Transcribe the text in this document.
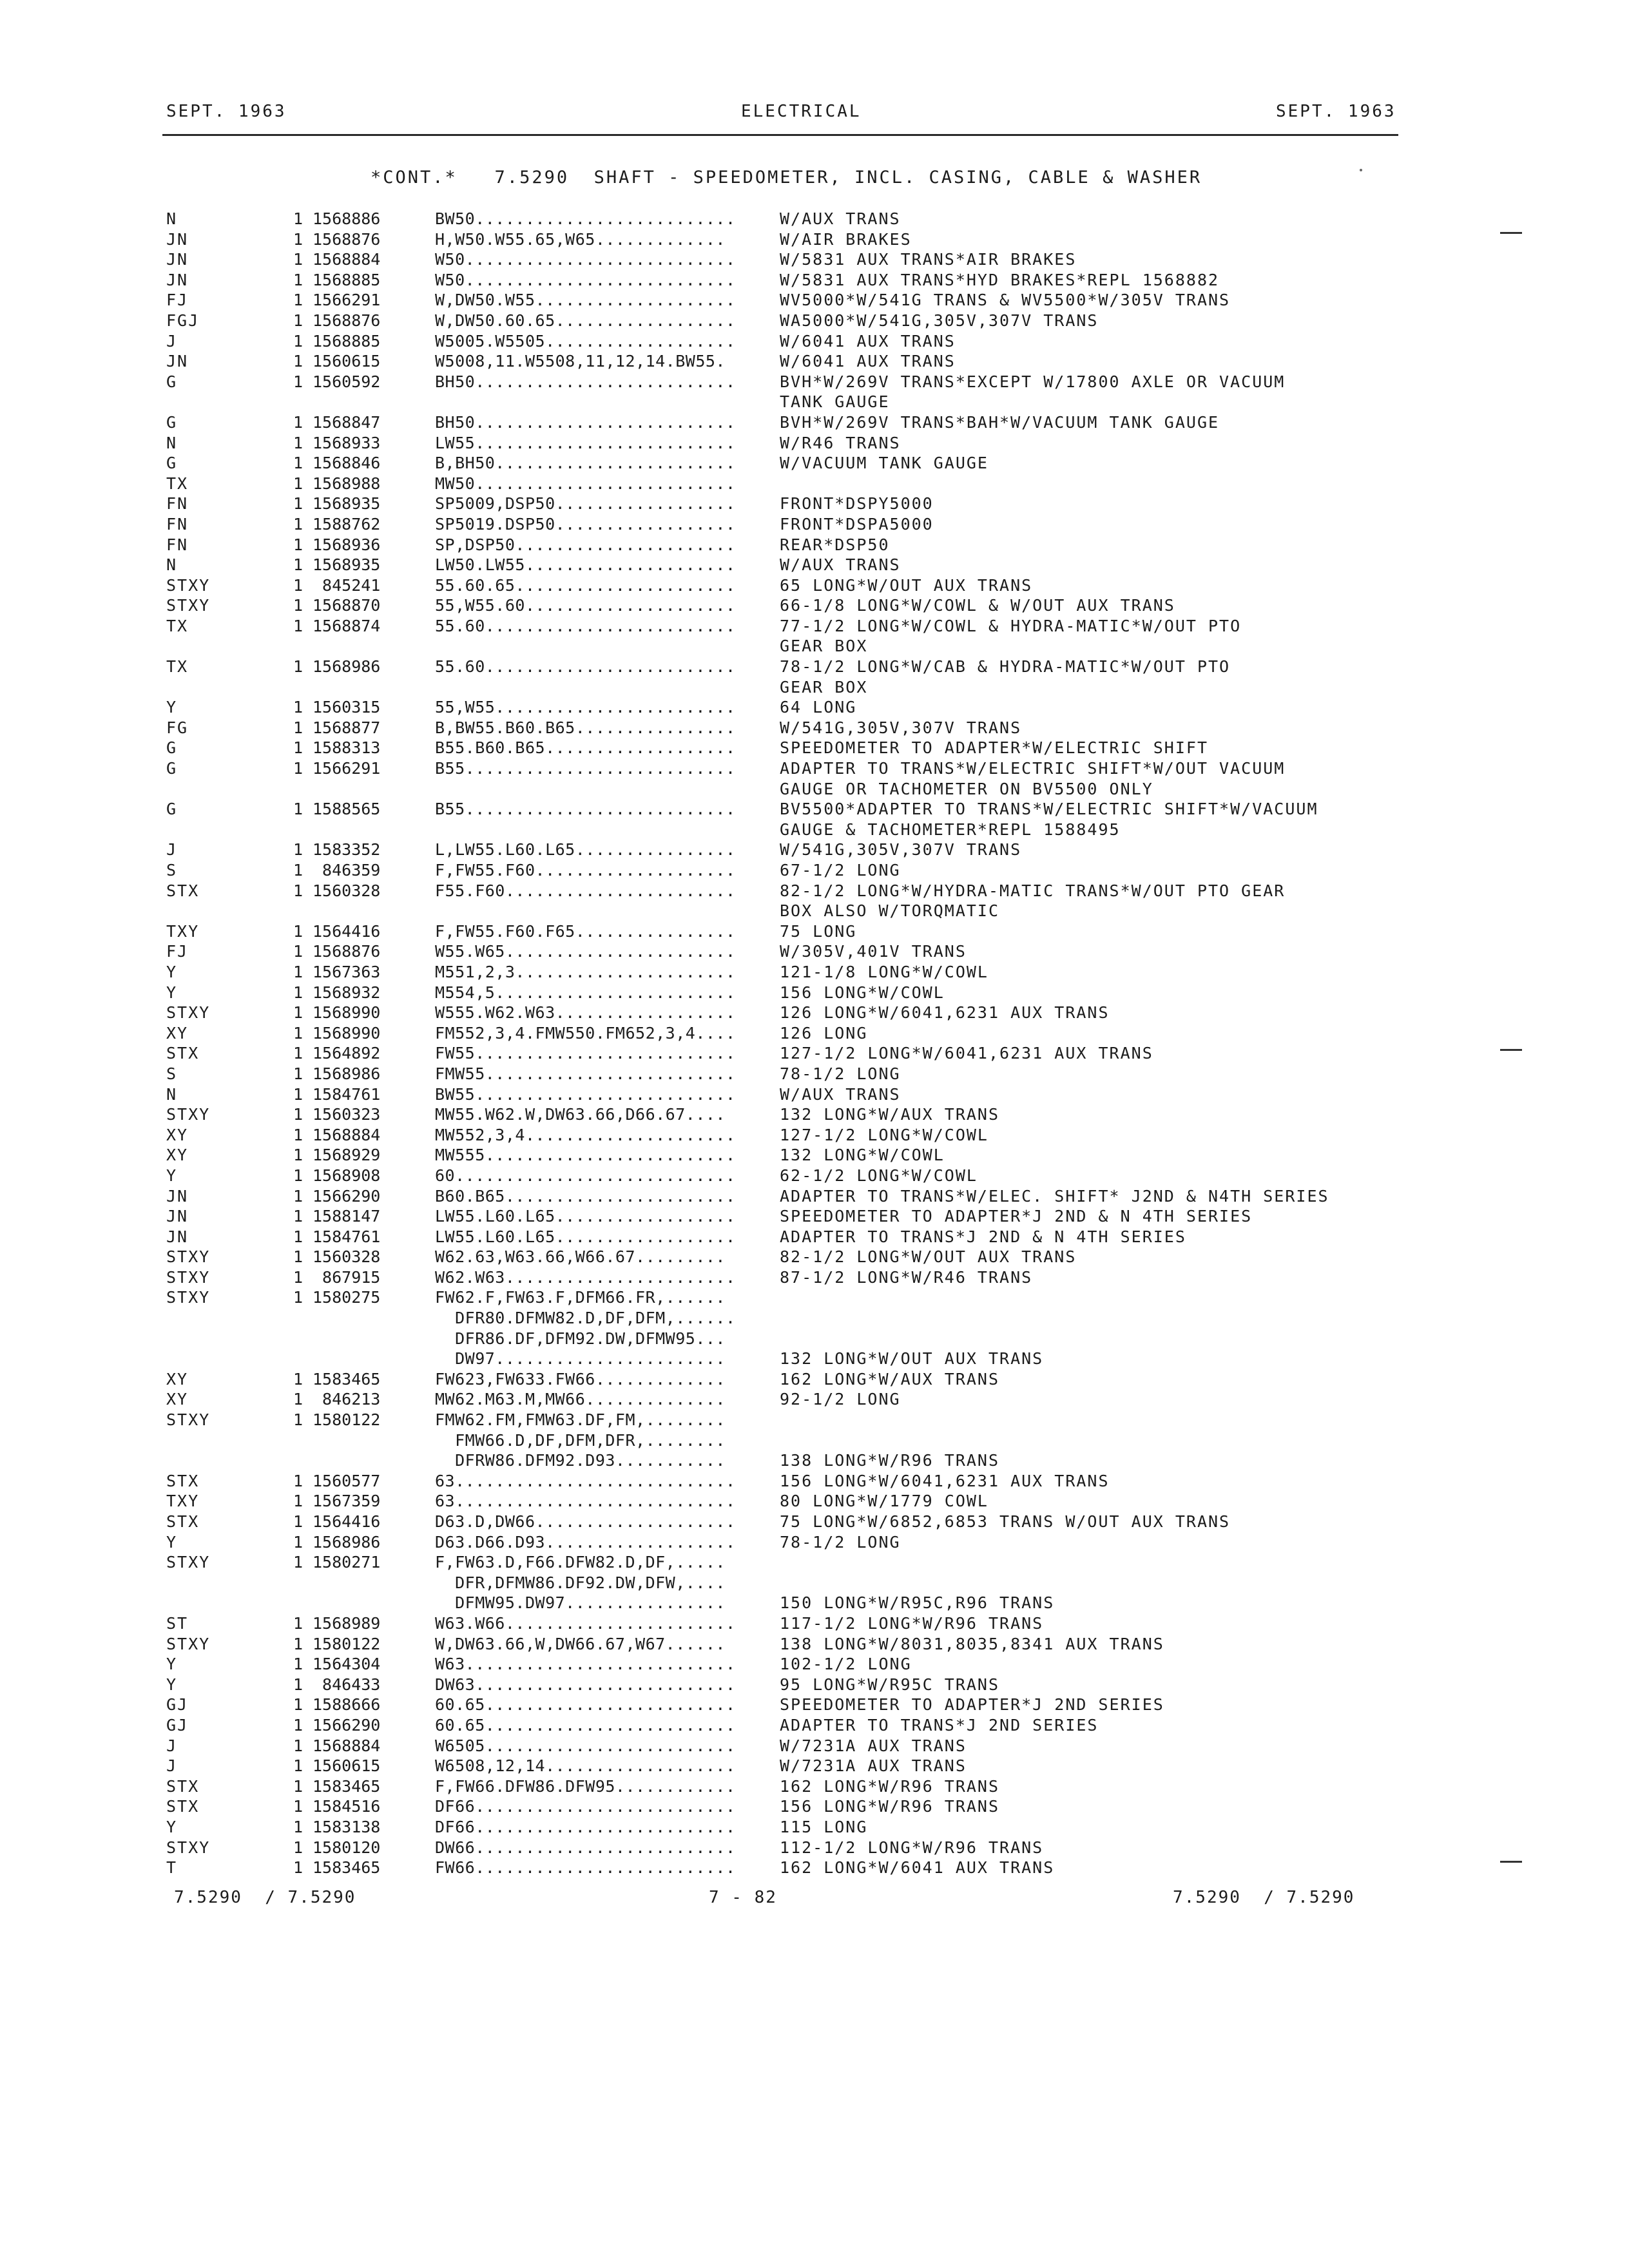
SEPT. 1963	ELECTRICAL	SEPT. 1963
*CONT.*   7.5290  SHAFT - SPEEDOMETER, INCL. CASING, CABLE & WASHER
N	1 1568886	BW50..........................	W/AUX TRANS
JN	1 1568876	H,W50.W55.65,W65.............	W/AIR BRAKES
JN	1 1568884	W50...........................	W/5831 AUX TRANS*AIR BRAKES
JN	1 1568885	W50...........................	W/5831 AUX TRANS*HYD BRAKES*REPL 1568882
FJ	1 1566291	W,DW50.W55....................	WV5000*W/541G TRANS & WV5500*W/305V TRANS
FGJ	1 1568876	W,DW50.60.65..................	WA5000*W/541G,305V,307V TRANS
J	1 1568885	W5005.W5505...................	W/6041 AUX TRANS
JN	1 1560615	W5008,11.W5508,11,12,14.BW55.	W/6041 AUX TRANS
G	1 1560592	BH50..........................	BVH*W/269V TRANS*EXCEPT W/17800 AXLE OR VACUUM
TANK GAUGE
G	1 1568847	BH50..........................	BVH*W/269V TRANS*BAH*W/VACUUM TANK GAUGE
N	1 1568933	LW55..........................	W/R46 TRANS
G	1 1568846	B,BH50........................	W/VACUUM TANK GAUGE
TX	1 1568988	MW50..........................
FN	1 1568935	SP5009,DSP50..................	FRONT*DSPY5000
FN	1 1588762	SP5019.DSP50..................	FRONT*DSPA5000
FN	1 1568936	SP,DSP50......................	REAR*DSP50
N	1 1568935	LW50.LW55.....................	W/AUX TRANS
STXY	1 845241	55.60.65......................	65 LONG*W/OUT AUX TRANS
STXY	1 1568870	55,W55.60.....................	66-1/8 LONG*W/COWL & W/OUT AUX TRANS
TX	1 1568874	55.60.........................	77-1/2 LONG*W/COWL & HYDRA-MATIC*W/OUT PTO
GEAR BOX
TX	1 1568986	55.60.........................	78-1/2 LONG*W/CAB & HYDRA-MATIC*W/OUT PTO
GEAR BOX
Y	1 1560315	55,W55........................	64 LONG
FG	1 1568877	B,BW55.B60.B65................	W/541G,305V,307V TRANS
G	1 1588313	B55.B60.B65...................	SPEEDOMETER TO ADAPTER*W/ELECTRIC SHIFT
G	1 1566291	B55...........................	ADAPTER TO TRANS*W/ELECTRIC SHIFT*W/OUT VACUUM
GAUGE OR TACHOMETER ON BV5500 ONLY
G	1 1588565	B55...........................	BV5500*ADAPTER TO TRANS*W/ELECTRIC SHIFT*W/VACUUM
GAUGE & TACHOMETER*REPL 1588495
J	1 1583352	L,LW55.L60.L65................	W/541G,305V,307V TRANS
S	1 846359	F,FW55.F60....................	67-1/2 LONG
STX	1 1560328	F55.F60.......................	82-1/2 LONG*W/HYDRA-MATIC TRANS*W/OUT PTO GEAR
BOX ALSO W/TORQMATIC
TXY	1 1564416	F,FW55.F60.F65................	75 LONG
FJ	1 1568876	W55.W65.......................	W/305V,401V TRANS
Y	1 1567363	M551,2,3......................	121-1/8 LONG*W/COWL
Y	1 1568932	M554,5........................	156 LONG*W/COWL
STXY	1 1568990	W555.W62.W63..................	126 LONG*W/6041,6231 AUX TRANS
XY	1 1568990	FM552,3,4.FMW550.FM652,3,4....	126 LONG
STX	1 1564892	FW55..........................	127-1/2 LONG*W/6041,6231 AUX TRANS
S	1 1568986	FMW55.........................	78-1/2 LONG
N	1 1584761	BW55..........................	W/AUX TRANS
STXY	1 1560323	MW55.W62.W,DW63.66,D66.67....	132 LONG*W/AUX TRANS
XY	1 1568884	MW552,3,4.....................	127-1/2 LONG*W/COWL
XY	1 1568929	MW555.........................	132 LONG*W/COWL
Y	1 1568908	60............................	62-1/2 LONG*W/COWL
JN	1 1566290	B60.B65.......................	ADAPTER TO TRANS*W/ELEC. SHIFT* J2ND & N4TH SERIES
JN	1 1588147	LW55.L60.L65..................	SPEEDOMETER TO ADAPTER*J 2ND & N 4TH SERIES
JN	1 1584761	LW55.L60.L65..................	ADAPTER TO TRANS*J 2ND & N 4TH SERIES
STXY	1 1560328	W62.63,W63.66,W66.67.........	82-1/2 LONG*W/OUT AUX TRANS
STXY	1 867915	W62.W63.......................	87-1/2 LONG*W/R46 TRANS
STXY	1 1580275	FW62.F,FW63.F,DFM66.FR,......
DFR80.DFMW82.D,DF,DFM,......
DFR86.DF,DFM92.DW,DFMW95...
DW97.......................	132 LONG*W/OUT AUX TRANS
XY	1 1583465	FW623,FW633.FW66.............	162 LONG*W/AUX TRANS
XY	1 846213	MW62.M63.M,MW66..............	92-1/2 LONG
STXY	1 1580122	FMW62.FM,FMW63.DF,FM,........
FMW66.D,DF,DFM,DFR,........
DFRW86.DFM92.D93...........	138 LONG*W/R96 TRANS
STX	1 1560577	63............................	156 LONG*W/6041,6231 AUX TRANS
TXY	1 1567359	63............................	80 LONG*W/1779 COWL
STX	1 1564416	D63.D,DW66....................	75 LONG*W/6852,6853 TRANS W/OUT AUX TRANS
Y	1 1568986	D63.D66.D93...................	78-1/2 LONG
STXY	1 1580271	F,FW63.D,F66.DFW82.D,DF,.....
DFR,DFMW86.DF92.DW,DFW,....
DFMW95.DW97................	150 LONG*W/R95C,R96 TRANS
ST	1 1568989	W63.W66.......................	117-1/2 LONG*W/R96 TRANS
STXY	1 1580122	W,DW63.66,W,DW66.67,W67......	138 LONG*W/8031,8035,8341 AUX TRANS
Y	1 1564304	W63...........................	102-1/2 LONG
Y	1 846433	DW63..........................	95 LONG*W/R95C TRANS
GJ	1 1588666	60.65.........................	SPEEDOMETER TO ADAPTER*J 2ND SERIES
GJ	1 1566290	60.65.........................	ADAPTER TO TRANS*J 2ND SERIES
J	1 1568884	W6505.........................	W/7231A AUX TRANS
J	1 1560615	W6508,12,14...................	W/7231A AUX TRANS
STX	1 1583465	F,FW66.DFW86.DFW95............	162 LONG*W/R96 TRANS
STX	1 1584516	DF66..........................	156 LONG*W/R96 TRANS
Y	1 1583138	DF66..........................	115 LONG
STXY	1 1580120	DW66..........................	112-1/2 LONG*W/R96 TRANS
T	1 1583465	FW66..........................	162 LONG*W/6041 AUX TRANS
7.5290  / 7.5290	7 - 82	7.5290  / 7.5290
